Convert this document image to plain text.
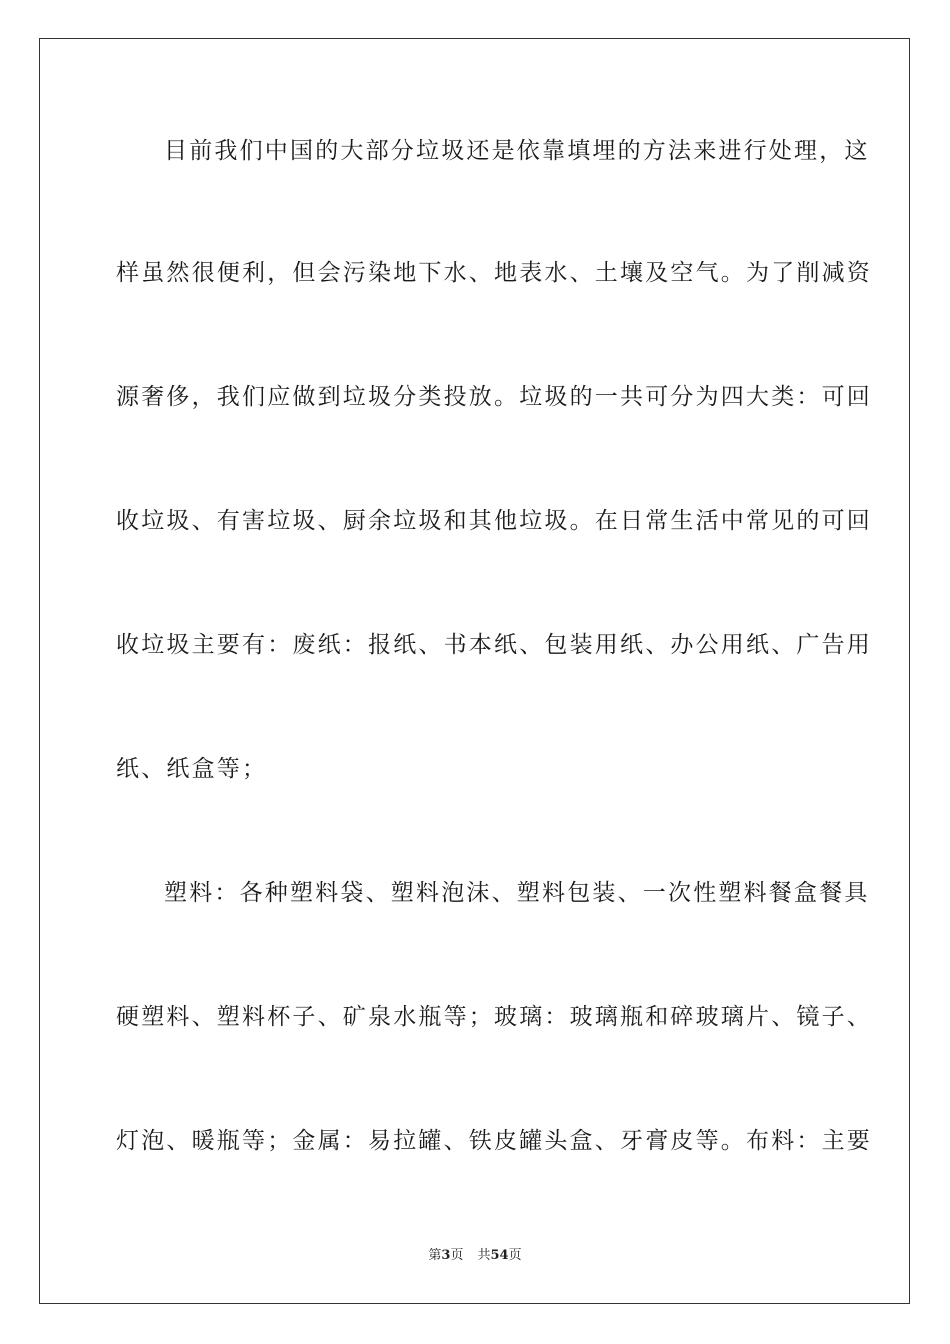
目前我们中国的大部分垃圾还是依靠填埋的方法来进行处理，这
样虽然很便利，但会污染地下水、地表水、土壤及空气。为了削减资
源奢侈，我们应做到垃圾分类投放。垃圾的一共可分为四大类：可回
收垃圾、有害垃圾、厨余垃圾和其他垃圾。在日常生活中常见的可回
收垃圾主要有：废纸：报纸、书本纸、包装用纸、办公用纸、广告用
纸、纸盒等；
塑料：各种塑料袋、塑料泡沫、塑料包装、一次性塑料餐盒餐具
硬塑料、塑料杯子、矿泉水瓶等；玻璃：玻璃瓶和碎玻璃片、镜子、
灯泡、暖瓶等；金属：易拉罐、铁皮罐头盒、牙膏皮等。布料：主要
第3页 共54页
